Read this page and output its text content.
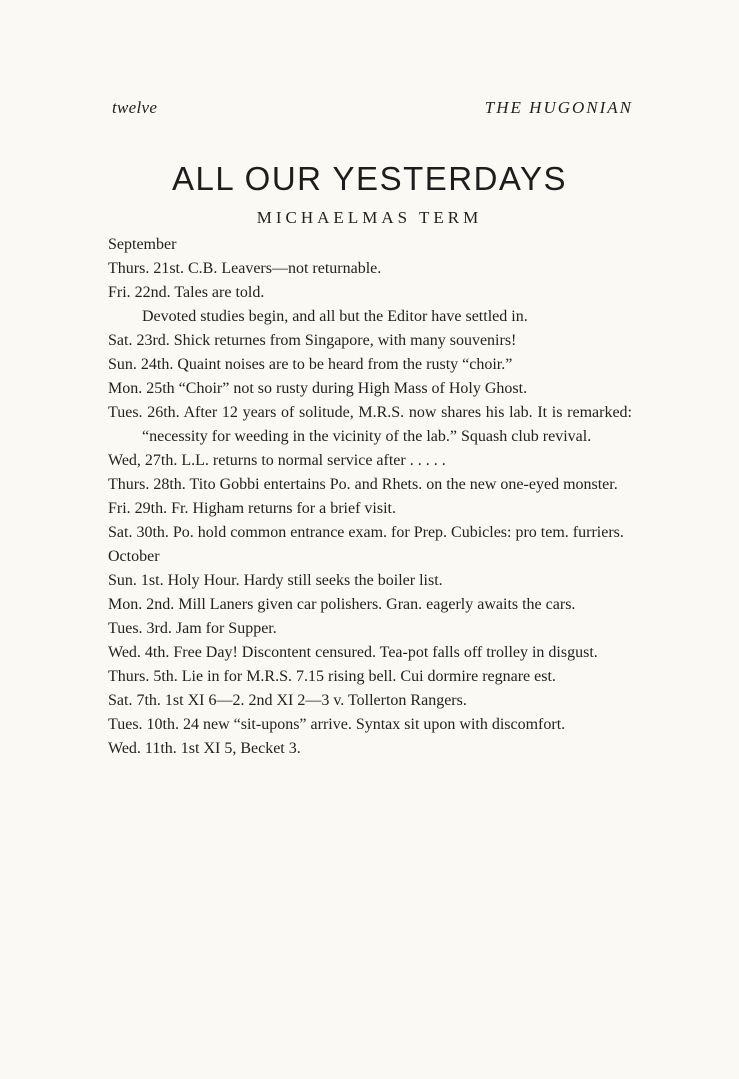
twelve	THE HUGONIAN
ALL OUR YESTERDAYS
MICHAELMAS TERM
September
Thurs. 21st. C.B. Leavers—not returnable.
Fri. 22nd. Tales are told.
Devoted studies begin, and all but the Editor have settled in.
Sat. 23rd. Shick returnes from Singapore, with many souvenirs!
Sun. 24th. Quaint noises are to be heard from the rusty “choir.”
Mon. 25th “Choir” not so rusty during High Mass of Holy Ghost.
Tues. 26th. After 12 years of solitude, M.R.S. now shares his lab. It is remarked: “necessity for weeding in the vicinity of the lab.” Squash club revival.
Wed, 27th. L.L. returns to normal service after . . . . .
Thurs. 28th. Tito Gobbi entertains Po. and Rhets. on the new one-eyed monster.
Fri. 29th. Fr. Higham returns for a brief visit.
Sat. 30th. Po. hold common entrance exam. for Prep. Cubicles: pro tem. furriers.
October
Sun. 1st. Holy Hour. Hardy still seeks the boiler list.
Mon. 2nd. Mill Laners given car polishers. Gran. eagerly awaits the cars.
Tues. 3rd. Jam for Supper.
Wed. 4th. Free Day! Discontent censured. Tea-pot falls off trolley in disgust.
Thurs. 5th. Lie in for M.R.S. 7.15 rising bell. Cui dormire regnare est.
Sat. 7th. 1st XI 6—2. 2nd XI 2—3 v. Tollerton Rangers.
Tues. 10th. 24 new “sit-upons” arrive. Syntax sit upon with discomfort.
Wed. 11th. 1st XI 5, Becket 3.
